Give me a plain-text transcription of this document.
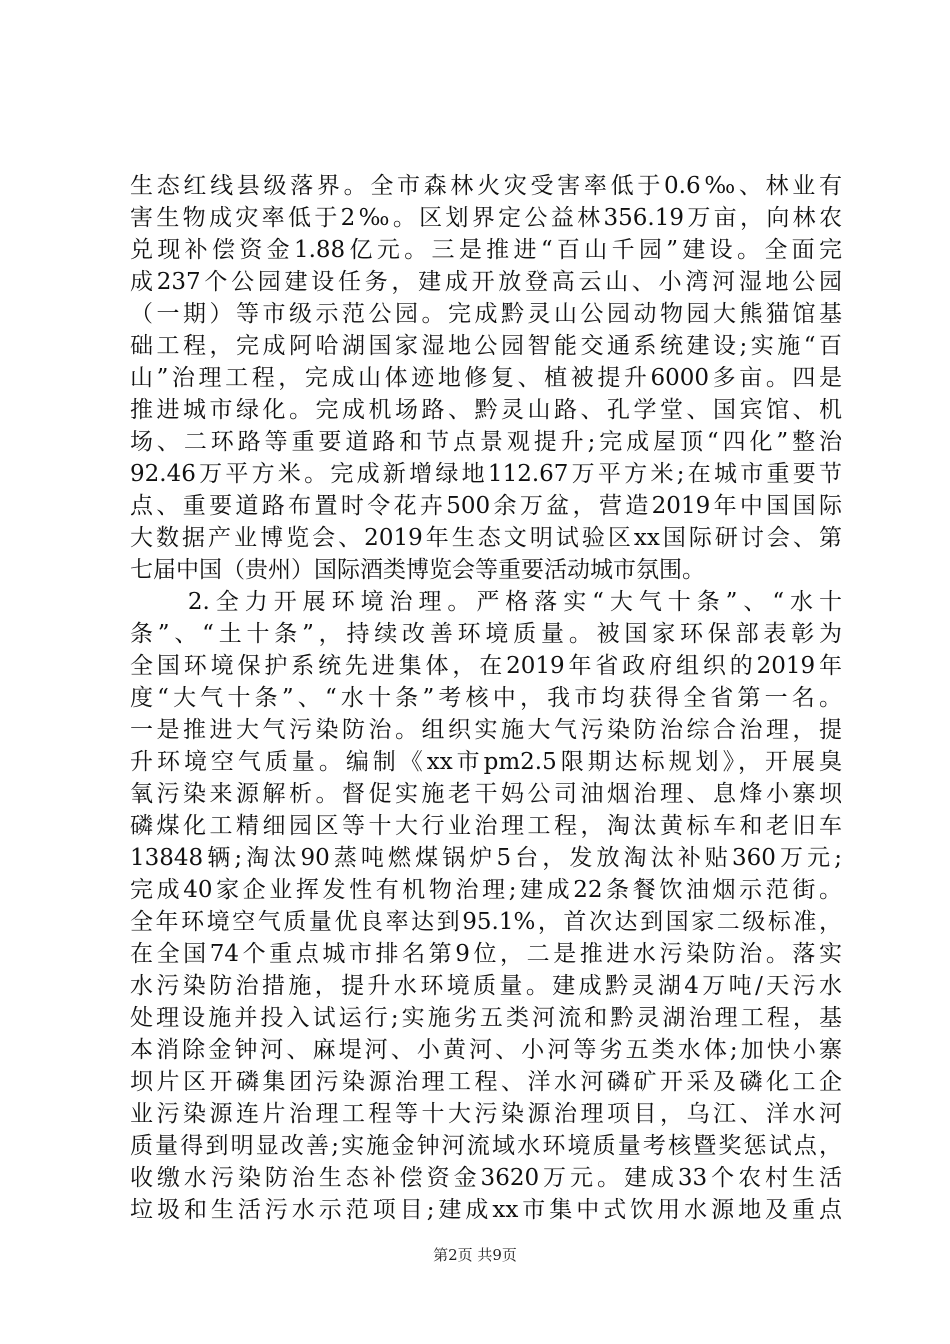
生态红线县级落界。全市森林火灾受害率低于0.6‰、林业有
害生物成灾率低于2‰。区划界定公益林356.19万亩，向林农
兑现补偿资金1.88亿元。三是推进“百山千园”建设。全面完
成237个公园建设任务，建成开放登高云山、小湾河湿地公园
（一期）等市级示范公园。完成黔灵山公园动物园大熊猫馆基
础工程，完成阿哈湖国家湿地公园智能交通系统建设;实施“百
山”治理工程，完成山体迹地修复、植被提升6000多亩。四是
推进城市绿化。完成机场路、黔灵山路、孔学堂、国宾馆、机
场、二环路等重要道路和节点景观提升;完成屋顶“四化”整治
92.46万平方米。完成新增绿地112.67万平方米;在城市重要节
点、重要道路布置时令花卉500余万盆，营造2019年中国国际
大数据产业博览会、2019年生态文明试验区xx国际研讨会、第
七届中国（贵州）国际酒类博览会等重要活动城市氛围。
　　2.全力开展环境治理。严格落实“大气十条”、“水十
条”、“土十条”，持续改善环境质量。被国家环保部表彰为
全国环境保护系统先进集体，在2019年省政府组织的2019年
度“大气十条”、“水十条”考核中，我市均获得全省第一名。
一是推进大气污染防治。组织实施大气污染防治综合治理，提
升环境空气质量。编制《xx市pm2.5限期达标规划》，开展臭
氧污染来源解析。督促实施老干妈公司油烟治理、息烽小寨坝
磷煤化工精细园区等十大行业治理工程，淘汰黄标车和老旧车
13848辆;淘汰90蒸吨燃煤锅炉5台，发放淘汰补贴360万元;
完成40家企业挥发性有机物治理;建成22条餐饮油烟示范街。
全年环境空气质量优良率达到95.1%，首次达到国家二级标准，
在全国74个重点城市排名第9位，二是推进水污染防治。落实
水污染防治措施，提升水环境质量。建成黔灵湖4万吨/天污水
处理设施并投入试运行;实施劣五类河流和黔灵湖治理工程，基
本消除金钟河、麻堤河、小黄河、小河等劣五类水体;加快小寨
坝片区开磷集团污染源治理工程、洋水河磷矿开采及磷化工企
业污染源连片治理工程等十大污染源治理项目，乌江、洋水河
质量得到明显改善;实施金钟河流域水环境质量考核暨奖惩试点，
收缴水污染防治生态补偿资金3620万元。建成33个农村生活
垃圾和生活污水示范项目;建成xx市集中式饮用水源地及重点
第2页 共9页
